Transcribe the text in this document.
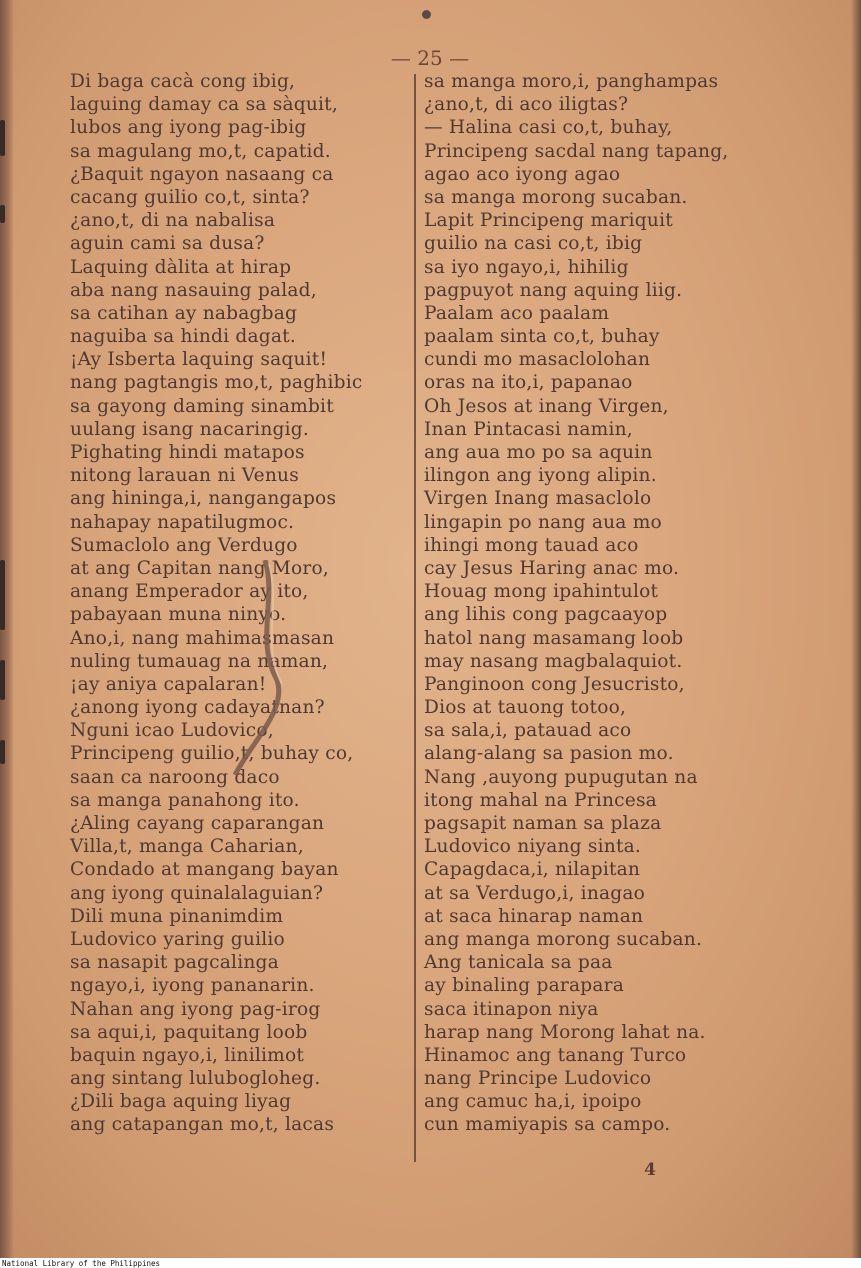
— 25 —
Di baga cacà cong ibig,
laguing damay ca sa sàquit,
lubos ang iyong pag-ibig
sa magulang mo,t, capatid.
¿Baquit ngayon nasaang ca
cacang guilio co,t, sinta?
¿ano,t, di na nabalisa
aguin cami sa dusa?
Laquing dàlita at hirap
aba nang nasauing palad,
sa catihan ay nabagbag
naguiba sa hindi dagat.
¡Ay Isberta laquing saquit!
nang pagtangis mo,t, paghibic
sa gayong daming sinambit
uulang isang nacaringig.
Pighating hindi matapos
nitong larauan ni Venus
ang hininga,i, nangangapos
nahapay napatilugmoc.
Sumaclolo ang Verdugo
at ang Capitan nang Moro,
anang Emperador ay ito,
pabayaan muna ninyo.
Ano,i, nang mahimasmasan
nuling tumauag na naman,
¡ay aniya capalaran!
¿anong iyong cadayatnan?
Nguni icao Ludovico,
Principeng guilio,t, buhay co,
saan ca naroong daco
sa manga panahong ito.
¿Aling cayang caparangan
Villa,t, manga Caharian,
Condado at mangang bayan
ang iyong quinalalaguian?
Dili muna pinanimdim
Ludovico yaring guilio
sa nasapit pagcalinga
ngayo,i, iyong pananarin.
Nahan ang iyong pag-irog
sa aqui,i, paquitang loob
baquin ngayo,i, linilimot
ang sintang lulubogloheg.
¿Dili baga aquing liyag
ang catapangan mo,t, lacas
sa manga moro,i, panghampas
¿ano,t, di aco iligtas?
— Halina casi co,t, buhay,
Principeng sacdal nang tapang,
agao aco iyong agao
sa manga morong sucaban.
Lapit Principeng mariquit
guilio na casi co,t, ibig
sa iyo ngayo,i, hihilig
pagpuyot nang aquing liig.
Paalam aco paalam
paalam sinta co,t, buhay
cundi mo masaclolohan
oras na ito,i, papanao
Oh Jesos at inang Virgen,
Inan Pintacasi namin,
ang aua mo po sa aquin
ilingon ang iyong alipin.
Virgen Inang masaclolo
lingapin po nang aua mo
ihingi mong tauad aco
cay Jesus Haring anac mo.
Houag mong ipahintulot
ang lihis cong pagcaayop
hatol nang masamang loob
may nasang magbalaquiot.
Panginoon cong Jesucristo,
Dios at tauong totoo,
sa sala,i, patauad aco
alang-alang sa pasion mo.
Nang ,auyong pupugutan na
itong mahal na Princesa
pagsapit naman sa plaza
Ludovico niyang sinta.
Capagdaca,i, nilapitan
at sa Verdugo,i, inagao
at saca hinarap naman
ang manga morong sucaban.
Ang tanicala sa paa
ay binaling parapara
saca itinapon niya
harap nang Morong lahat na.
Hinamoc ang tanang Turco
nang Principe Ludovico
ang camuc ha,i, ipoipo
cun mamiyapis sa campo.
4
National Library of the Philippines
